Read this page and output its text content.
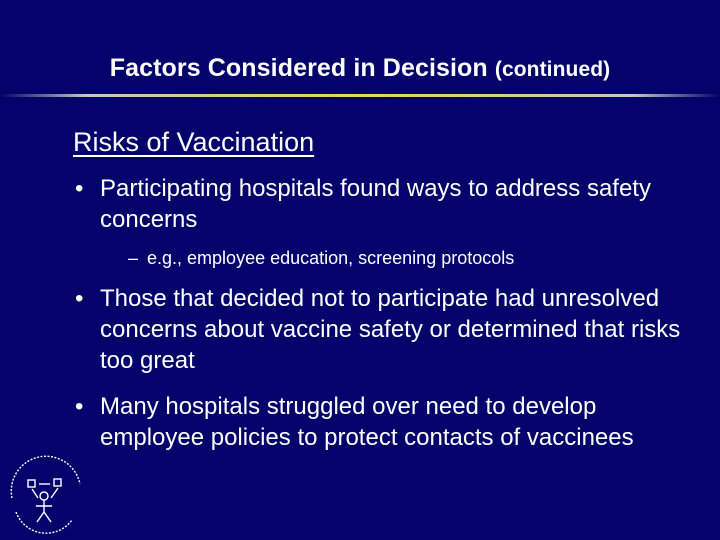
Factors Considered in Decision (continued)
Risks of Vaccination
• Participating hospitals found ways to address safety concerns
– e.g., employee education, screening protocols
• Those that decided not to participate had unresolved concerns about vaccine safety or determined that risks too great
• Many hospitals struggled over need to develop employee policies to protect contacts of vaccinees
